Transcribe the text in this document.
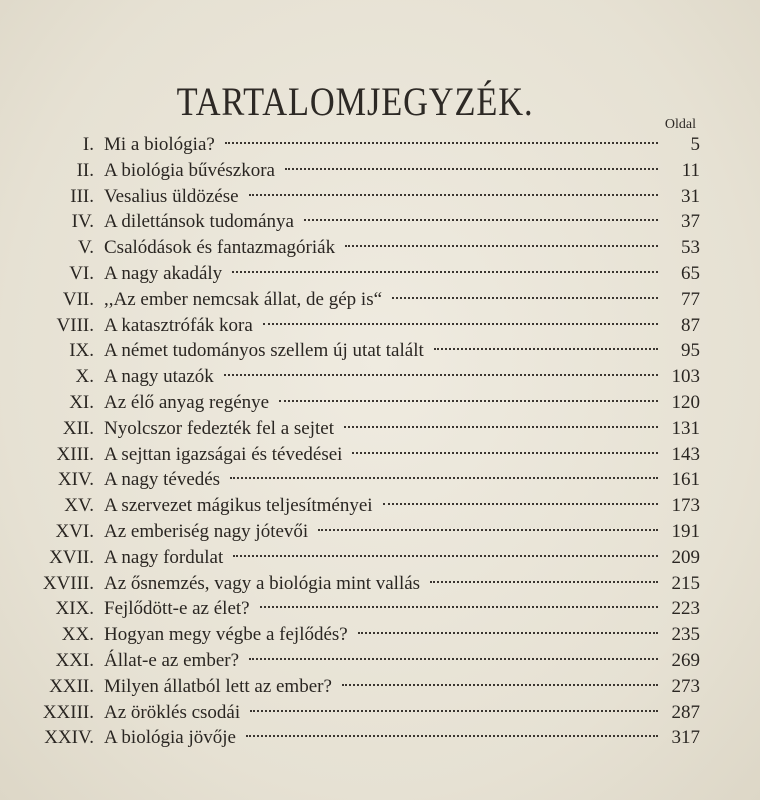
TARTALOMJEGYZÉK.
Oldal
I. Mi a biológia?	5
II. A biológia bűvészkora	11
III. Vesalius üldözése	31
IV. A dilettánsok tudománya	37
V. Csalódások és fantazmagóriák	53
VI. A nagy akadály	65
VII. ,,Az ember nemcsak állat, de gép is“	77
VIII. A katasztrófák kora	87
IX. A német tudományos szellem új utat talált	95
X. A nagy utazók	103
XI. Az élő anyag regénye	120
XII. Nyolcszor fedezték fel a sejtet	131
XIII. A sejttan igazságai és tévedései	143
XIV. A nagy tévedés	161
XV. A szervezet mágikus teljesítményei	173
XVI. Az emberiség nagy jótevői	191
XVII. A nagy fordulat	209
XVIII. Az ősnemzés, vagy a biológia mint vallás	215
XIX. Fejlődött-e az élet?	223
XX. Hogyan megy végbe a fejlődés?	235
XXI. Állat-e az ember?	269
XXII. Milyen állatból lett az ember?	273
XXIII. Az öröklés csodái	287
XXIV. A biológia jövője	317
